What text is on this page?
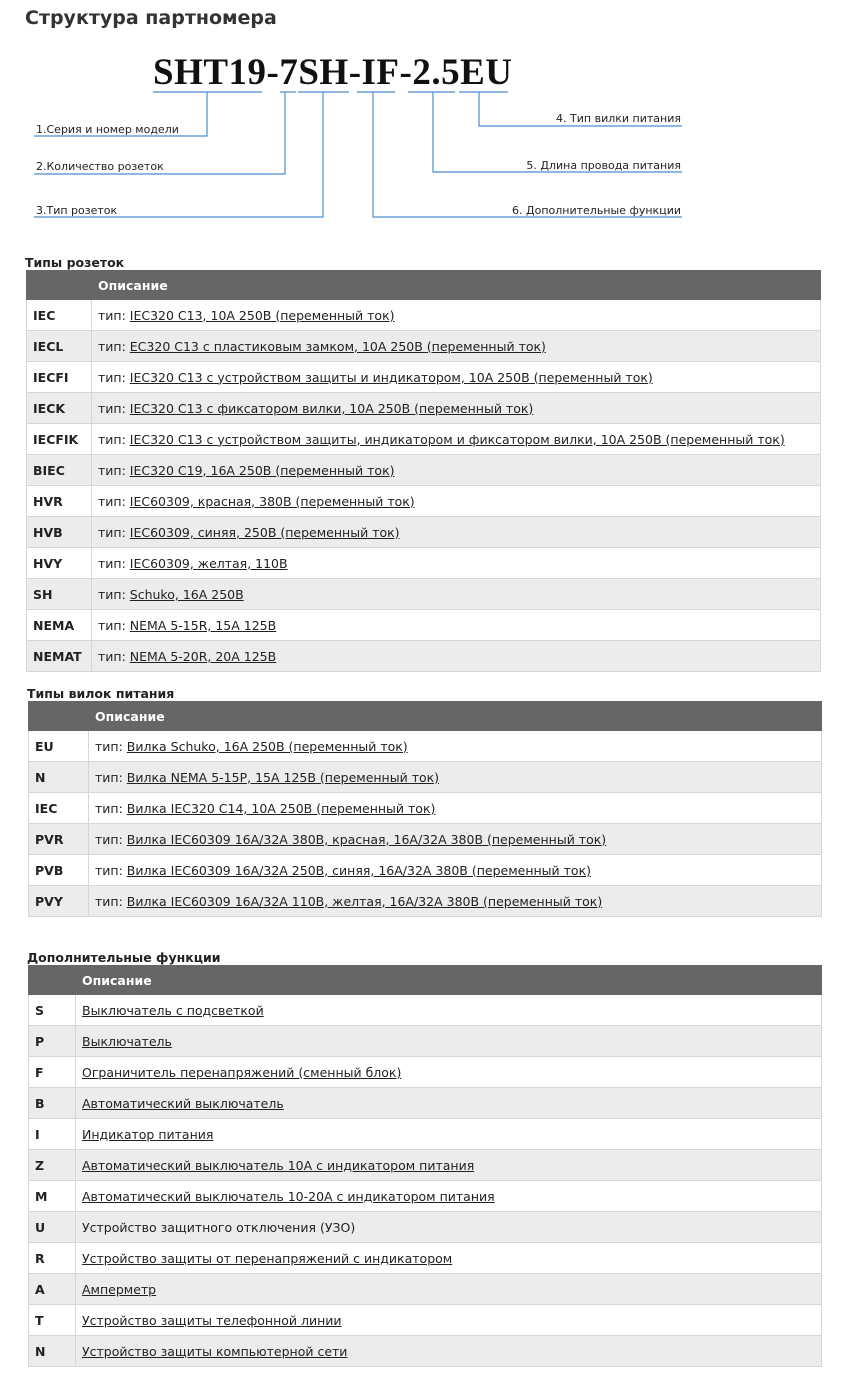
Структура партномера
SHT19-7SH-IF-2.5EU
1.Серия и номер модели
2.Количество розеток
3.Тип розеток
4. Тип вилки питания
5. Длина провода питания
6. Дополнительные функции
Типы розеток
	Описание
IEC	тип: IEC320 C13, 10А 250В (переменный ток)
IECL	тип: EC320 C13 с пластиковым замком, 10А 250В (переменный ток)
IECFI	тип: IEC320 C13 с устройством защиты и индикатором, 10А 250В (переменный ток)
IECK	тип: IEC320 C13 с фиксатором вилки, 10А 250В (переменный ток)
IECFIK	тип: IEC320 C13 с устройством защиты, индикатором и фиксатором вилки, 10А 250В (переменный ток)
BIEC	тип: IEC320 C19, 16А 250В (переменный ток)
HVR	тип: IEC60309, красная, 380В (переменный ток)
HVB	тип: IEC60309, синяя, 250В (переменный ток)
HVY	тип: IEC60309, желтая, 110В
SH	тип: Schuko, 16А 250В
NEMA	тип: NEMA 5-15R, 15А 125В
NEMAT	тип: NEMA 5-20R, 20А 125В
Типы вилок питания
	Описание
EU	тип: Вилка Schuko, 16А 250В (переменный ток)
N	тип: Вилка NEMA 5-15P, 15А 125В (переменный ток)
IEC	тип: Вилка IEC320 C14, 10А 250В (переменный ток)
PVR	тип: Вилка IEC60309 16А/32А 380В, красная, 16А/32А 380В (переменный ток)
PVB	тип: Вилка IEC60309 16А/32А 250В, синяя, 16А/32А 380В (переменный ток)
PVY	тип: Вилка IEC60309 16А/32А 110В, желтая, 16А/32А 380В (переменный ток)
Дополнительные функции
	Описание
S	Выключатель с подсветкой
P	Выключатель
F	Ограничитель перенапряжений (сменный блок)
B	Автоматический выключатель
I	Индикатор питания
Z	Автоматический выключатель 10А с индикатором питания
M	Автоматический выключатель 10-20А с индикатором питания
U	Устройство защитного отключения (УЗО)
R	Устройство защиты от перенапряжений с индикатором
A	Амперметр
T	Устройство защиты телефонной линии
N	Устройство защиты компьютерной сети
